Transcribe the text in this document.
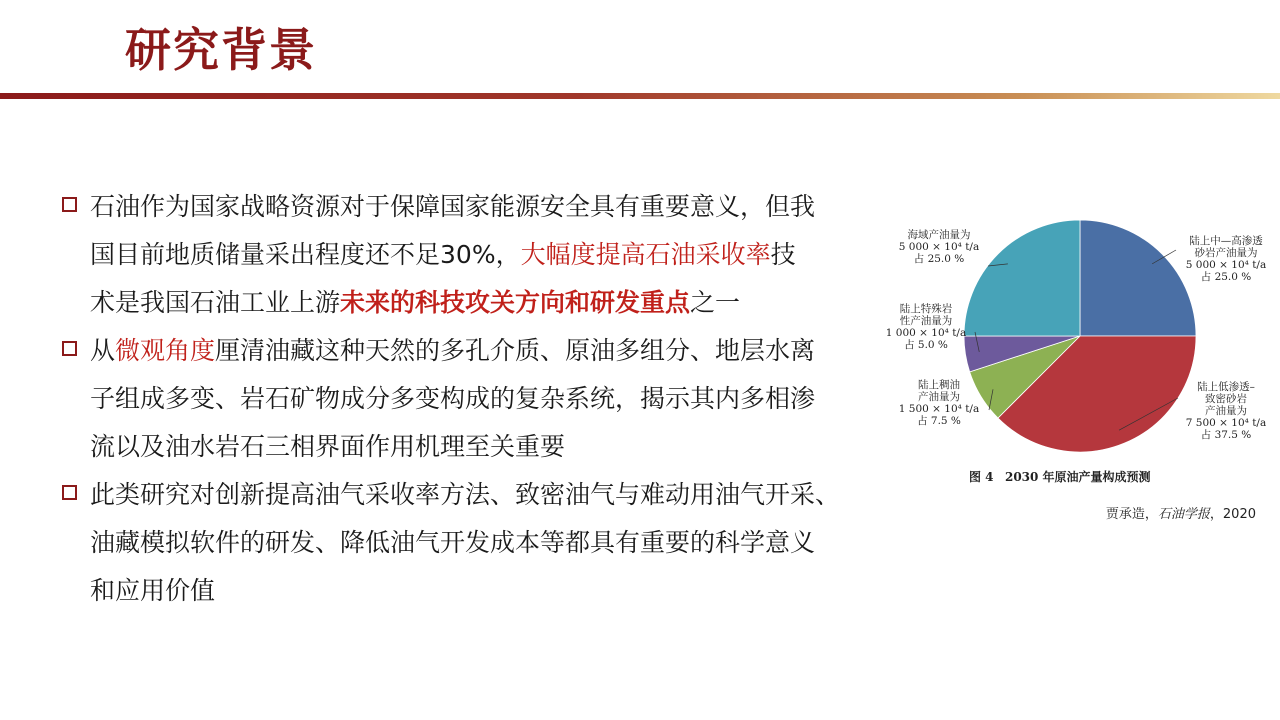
研究背景
石油作为国家战略资源对于保障国家能源安全具有重要意义，但我
国目前地质储量采出程度还不足30%，大幅度提高石油采收率技
术是我国石油工业上游未来的科技攻关方向和研发重点之一
从微观角度厘清油藏这种天然的多孔介质、原油多组分、地层水离
子组成多变、岩石矿物成分多变构成的复杂系统，揭示其内多相渗
流以及油水岩石三相界面作用机理至关重要
此类研究对创新提高油气采收率方法、致密油气与难动用油气开采、
油藏模拟软件的研发、降低油气开发成本等都具有重要的科学意义
和应用价值
陆上中—高渗透砂岩产油量为 5 000 × 10⁴ t/a 占 25.0 %
陆上低渗透–致密砂岩产油量为 7 500 × 10⁴ t/a 占 37.5 %
陆上稠油产油量为 1 500 × 10⁴ t/a 占 7.5 %
陆上特殊岩性产油量为 1 000 × 10⁴ t/a 占 5.0 %
海域产油量为 5 000 × 10⁴ t/a 占 25.0 %
图 4 2030 年原油产量构成预测
贾承造，石油学报，2020
